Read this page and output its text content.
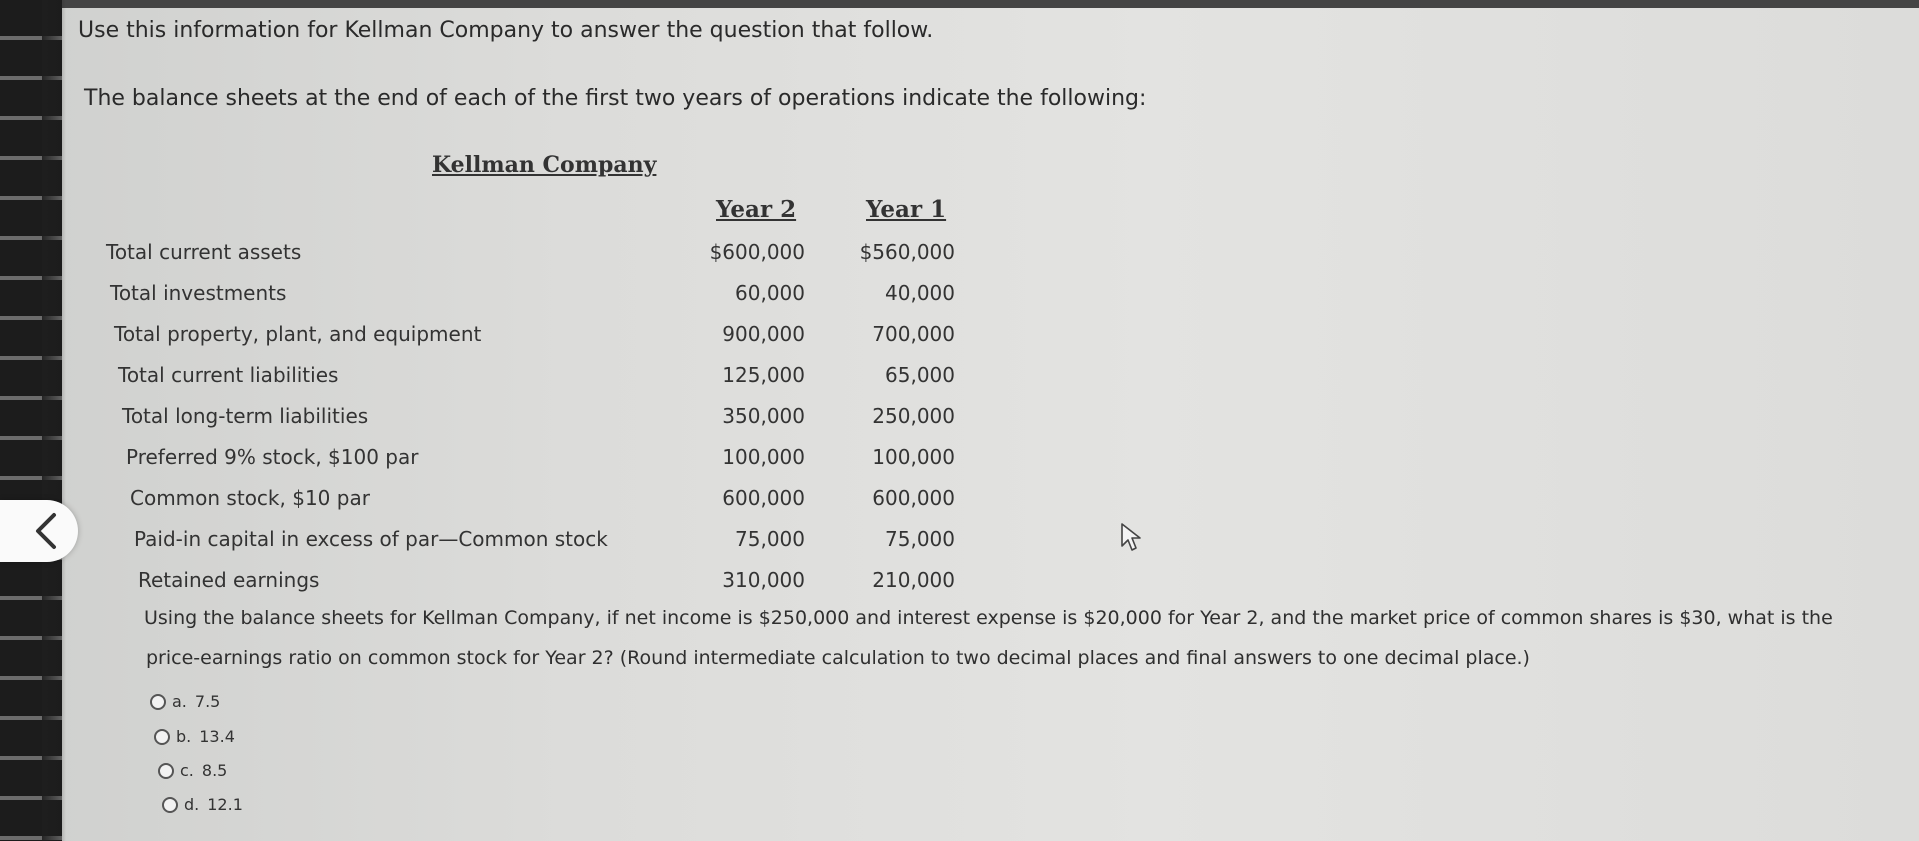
Use this information for Kellman Company to answer the question that follow.
The balance sheets at the end of each of the first two years of operations indicate the following:
Kellman Company
Year 2	Year 1
Total current assets	$600,000	$560,000
Total investments	60,000	40,000
Total property, plant, and equipment	900,000	700,000
Total current liabilities	125,000	65,000
Total long-term liabilities	350,000	250,000
Preferred 9% stock, $100 par	100,000	100,000
Common stock, $10 par	600,000	600,000
Paid-in capital in excess of par—Common stock	75,000	75,000
Retained earnings	310,000	210,000
Using the balance sheets for Kellman Company, if net income is $250,000 and interest expense is $20,000 for Year 2, and the market price of common shares is $30, what is the
price-earnings ratio on common stock for Year 2? (Round intermediate calculation to two decimal places and final answers to one decimal place.)
a. 7.5
b. 13.4
c. 8.5
d. 12.1
